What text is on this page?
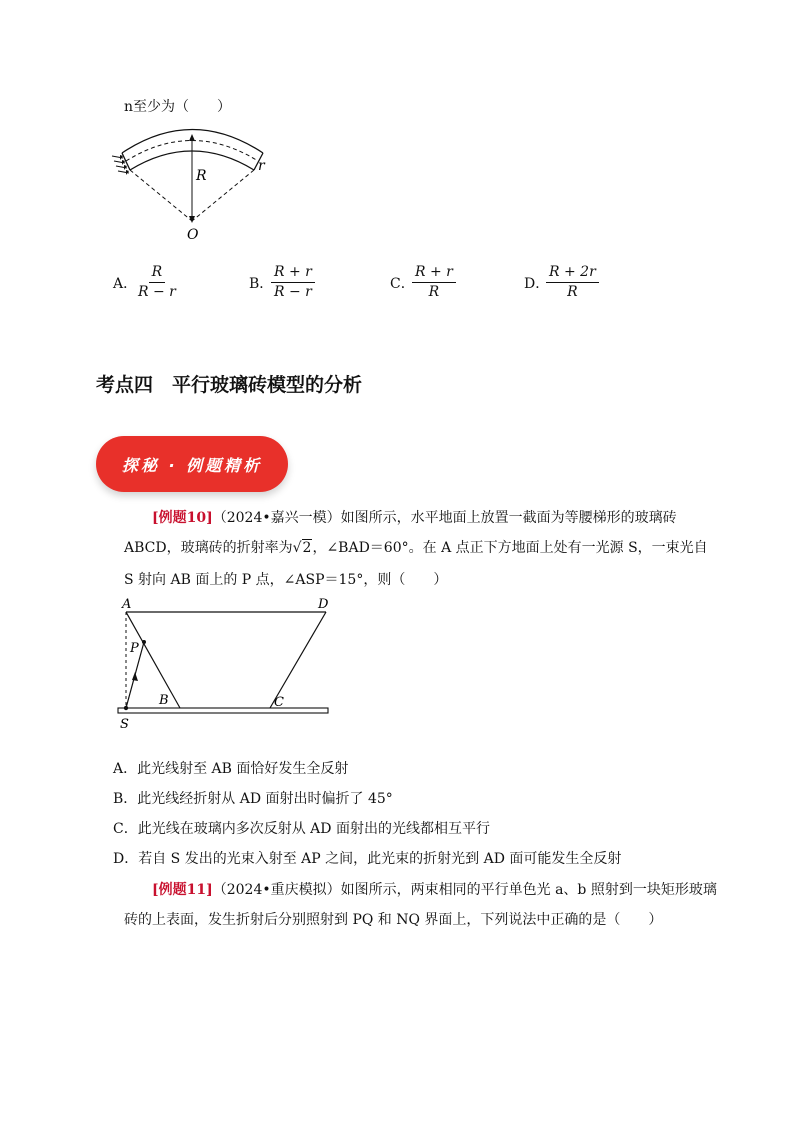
n至少为（　　）
R
r
O
A．
$\frac{R}{R - r}$	B．
$\frac{R + r}{R - r}$	C．
$\frac{R + r}{R}$	D．
$\frac{R + 2r}{R}$
考点四　平行玻璃砖模型的分析
探秘 · 例题精析
[例题10]（2024•嘉兴一模）如图所示，水平地面上放置一截面为等腰梯形的玻璃砖
ABCD，玻璃砖的折射率为√2，∠BAD＝60°。在 A 点正下方地面上处有一光源 S，一束光自
S 射向 AB 面上的 P 点，∠ASP＝15°，则（　　）
A	D
P
B	C
S
A．此光线射至 AB 面恰好发生全反射
B．此光线经折射从 AD 面射出时偏折了 45°
C．此光线在玻璃内多次反射从 AD 面射出的光线都相互平行
D．若自 S 发出的光束入射至 AP 之间，此光束的折射光到 AD 面可能发生全反射
[例题11]（2024•重庆模拟）如图所示，两束相同的平行单色光 a、b 照射到一块矩形玻璃
砖的上表面，发生折射后分别照射到 PQ 和 NQ 界面上，下列说法中正确的是（　　）
